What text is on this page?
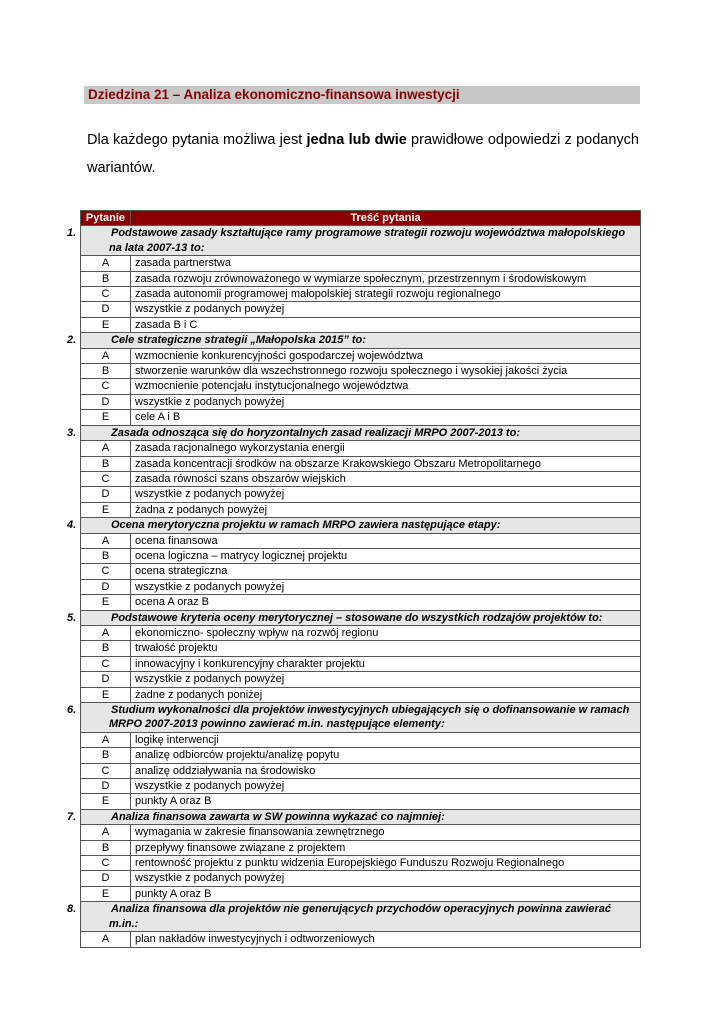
Dziedzina 21 – Analiza ekonomiczno-finansowa inwestycji
Dla każdego pytania możliwa jest jedna lub dwie prawidłowe odpowiedzi z podanych wariantów.
Pytanie	Treść pytania

1. Podstawowe zasady kształtujące ramy programowe strategii rozwoju województwa małopolskiego na lata 2007-13 to:	

A	zasada partnerstwa
B	zasada rozwoju zrównoważonego w wymiarze społecznym, przestrzennym i środowiskowym
C	zasada autonomii programowej małopolskiej strategii rozwoju regionalnego
D	wszystkie z podanych powyżej
E	zasada B i C

2. Cele strategiczne strategii „Małopolska 2015” to:	

A	wzmocnienie konkurencyjności gospodarczej województwa
B	stworzenie warunków dla wszechstronnego rozwoju społecznego i wysokiej jakości życia
C	wzmocnienie potencjału instytucjonalnego województwa
D	wszystkie z podanych powyżej
E	cele A i B

3. Zasada odnosząca się do horyzontalnych zasad realizacji MRPO 2007-2013 to:	

A	zasada racjonalnego wykorzystania energii
B	zasada koncentracji środków na obszarze Krakowskiego Obszaru Metropolitarnego
C	zasada równości szans obszarów wiejskich
D	wszystkie z podanych powyżej
E	żadna z podanych powyżej

4. Ocena merytoryczna projektu w ramach MRPO zawiera następujące etapy:	

A	ocena finansowa
B	ocena logiczna – matrycy logicznej projektu
C	ocena strategiczna
D	wszystkie z podanych powyżej
E	ocena A oraz B

5. Podstawowe kryteria oceny merytorycznej – stosowane do wszystkich rodzajów projektów to:	

A	ekonomiczno- społeczny wpływ na rozwój regionu
B	trwałość projektu
C	innowacyjny i konkurencyjny charakter projektu
D	wszystkie z podanych powyżej
E	żadne z podanych poniżej

6. Studium wykonalności dla projektów inwestycyjnych ubiegających się o dofinansowanie w ramach MRPO 2007-2013 powinno zawierać m.in. następujące elementy:	

A	logikę interwencji
B	analizę odbiorców projektu/analizę popytu
C	analizę oddziaływania na środowisko
D	wszystkie z podanych powyżej
E	punkty A oraz B

7. Analiza finansowa zawarta w SW powinna wykazać co najmniej:	

A	wymagania w zakresie finansowania zewnętrznego
B	przepływy finansowe związane z projektem
C	rentowność projektu z punktu widzenia Europejskiego Funduszu Rozwoju Regionalnego
D	wszystkie z podanych powyżej
E	punkty A oraz B

8. Analiza finansowa dla projektów nie generujących przychodów operacyjnych powinna zawierać m.in.:	

A	plan nakładów inwestycyjnych i odtworzeniowych
